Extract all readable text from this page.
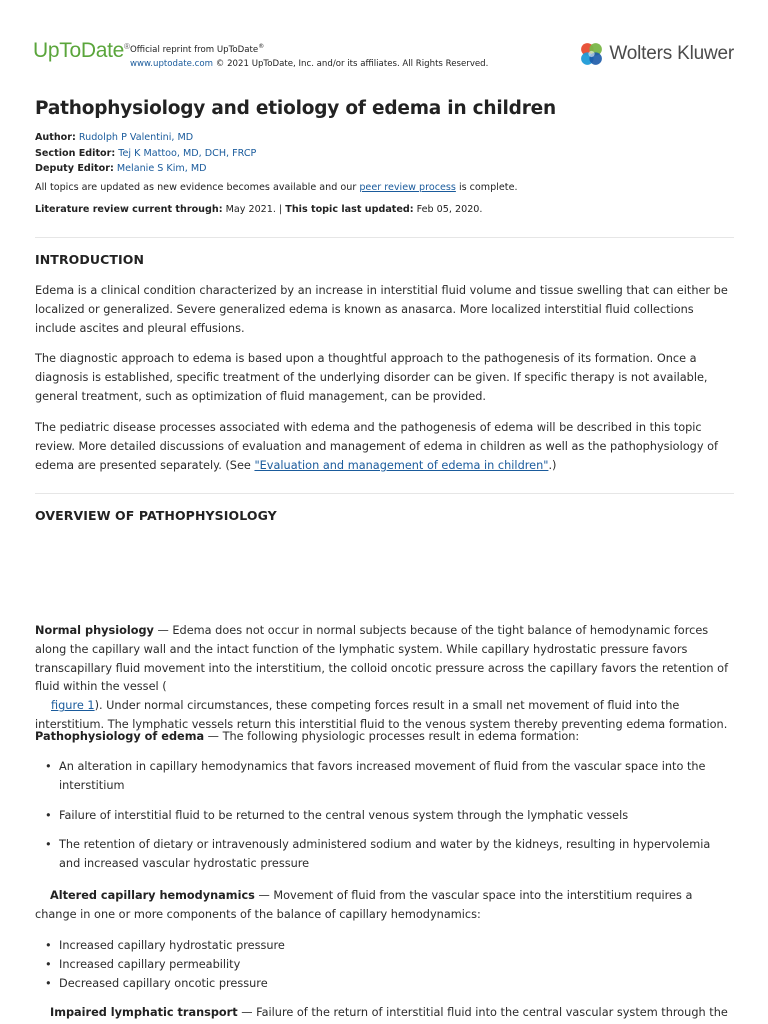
UpToDate® Official reprint from UpToDate®
www.uptodate.com © 2021 UpToDate, Inc. and/or its affiliates. All Rights Reserved.	Wolters Kluwer
Pathophysiology and etiology of edema in children
Author: Rudolph P Valentini, MD
Section Editor: Tej K Mattoo, MD, DCH, FRCP
Deputy Editor: Melanie S Kim, MD
All topics are updated as new evidence becomes available and our peer review process is complete.
Literature review current through: May 2021. | This topic last updated: Feb 05, 2020.
INTRODUCTION

Edema is a clinical condition characterized by an increase in interstitial fluid volume and tissue swelling that can either be localized or generalized. Severe generalized edema is known as anasarca. More localized interstitial fluid collections include ascites and pleural effusions.

The diagnostic approach to edema is based upon a thoughtful approach to the pathogenesis of its formation. Once a diagnosis is established, specific treatment of the underlying disorder can be given. If specific therapy is not available, general treatment, such as optimization of fluid management, can be provided.

The pediatric disease processes associated with edema and the pathogenesis of edema will be described in this topic review. More detailed discussions of evaluation and management of edema in children as well as the pathophysiology of edema are presented separately. (See "Evaluation and management of edema in children".)

OVERVIEW OF PATHOPHYSIOLOGY

Normal physiology — Edema does not occur in normal subjects because of the tight balance of hemodynamic forces along the capillary wall and the intact function of the lymphatic system. While capillary hydrostatic pressure favors transcapillary fluid movement into the interstitium, the colloid oncotic pressure across the capillary favors the retention of fluid within the vessel (
figure 1). Under normal circumstances, these competing forces result in a small net movement of fluid into the interstitium. The lymphatic vessels return this interstitial fluid to the venous system thereby preventing edema formation.

Pathophysiology of edema — The following physiologic processes result in edema formation:

• An alteration in capillary hemodynamics that favors increased movement of fluid from the vascular space into the interstitium
• Failure of interstitial fluid to be returned to the central venous system through the lymphatic vessels
• The retention of dietary or intravenously administered sodium and water by the kidneys, resulting in hypervolemia and increased vascular hydrostatic pressure

Altered capillary hemodynamics — Movement of fluid from the vascular space into the interstitium requires a change in one or more components of the balance of capillary hemodynamics:

• Increased capillary hydrostatic pressure
• Increased capillary permeability
• Decreased capillary oncotic pressure

Impaired lymphatic transport — Failure of the return of interstitial fluid into the central vascular system through the
